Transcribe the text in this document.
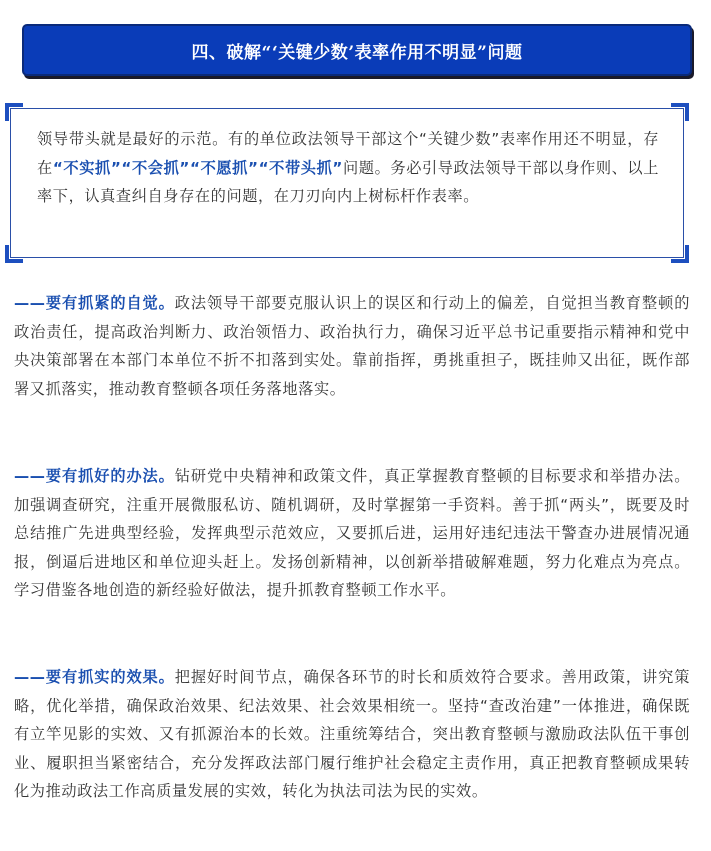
四、破解“‘关键少数’表率作用不明显”问题
领导带头就是最好的示范。有的单位政法领导干部这个“关键少数”表率作用还不明显，存在“不实抓”“不会抓”“不愿抓”“不带头抓”问题。务必引导政法领导干部以身作则、以上率下，认真查纠自身存在的问题，在刀刃向内上树标杆作表率。
——要有抓紧的自觉。政法领导干部要克服认识上的误区和行动上的偏差，自觉担当教育整顿的政治责任，提高政治判断力、政治领悟力、政治执行力，确保习近平总书记重要指示精神和党中央决策部署在本部门本单位不折不扣落到实处。靠前指挥，勇挑重担子，既挂帅又出征，既作部署又抓落实，推动教育整顿各项任务落地落实。
——要有抓好的办法。钻研党中央精神和政策文件，真正掌握教育整顿的目标要求和举措办法。加强调查研究，注重开展微服私访、随机调研，及时掌握第一手资料。善于抓“两头”，既要及时总结推广先进典型经验，发挥典型示范效应，又要抓后进，运用好违纪违法干警查办进展情况通报，倒逼后进地区和单位迎头赶上。发扬创新精神，以创新举措破解难题，努力化难点为亮点。学习借鉴各地创造的新经验好做法，提升抓教育整顿工作水平。
——要有抓实的效果。把握好时间节点，确保各环节的时长和质效符合要求。善用政策，讲究策略，优化举措，确保政治效果、纪法效果、社会效果相统一。坚持“查改治建”一体推进，确保既有立竿见影的实效、又有抓源治本的长效。注重统筹结合，突出教育整顿与激励政法队伍干事创业、履职担当紧密结合，充分发挥政法部门履行维护社会稳定主责作用，真正把教育整顿成果转化为推动政法工作高质量发展的实效，转化为执法司法为民的实效。
